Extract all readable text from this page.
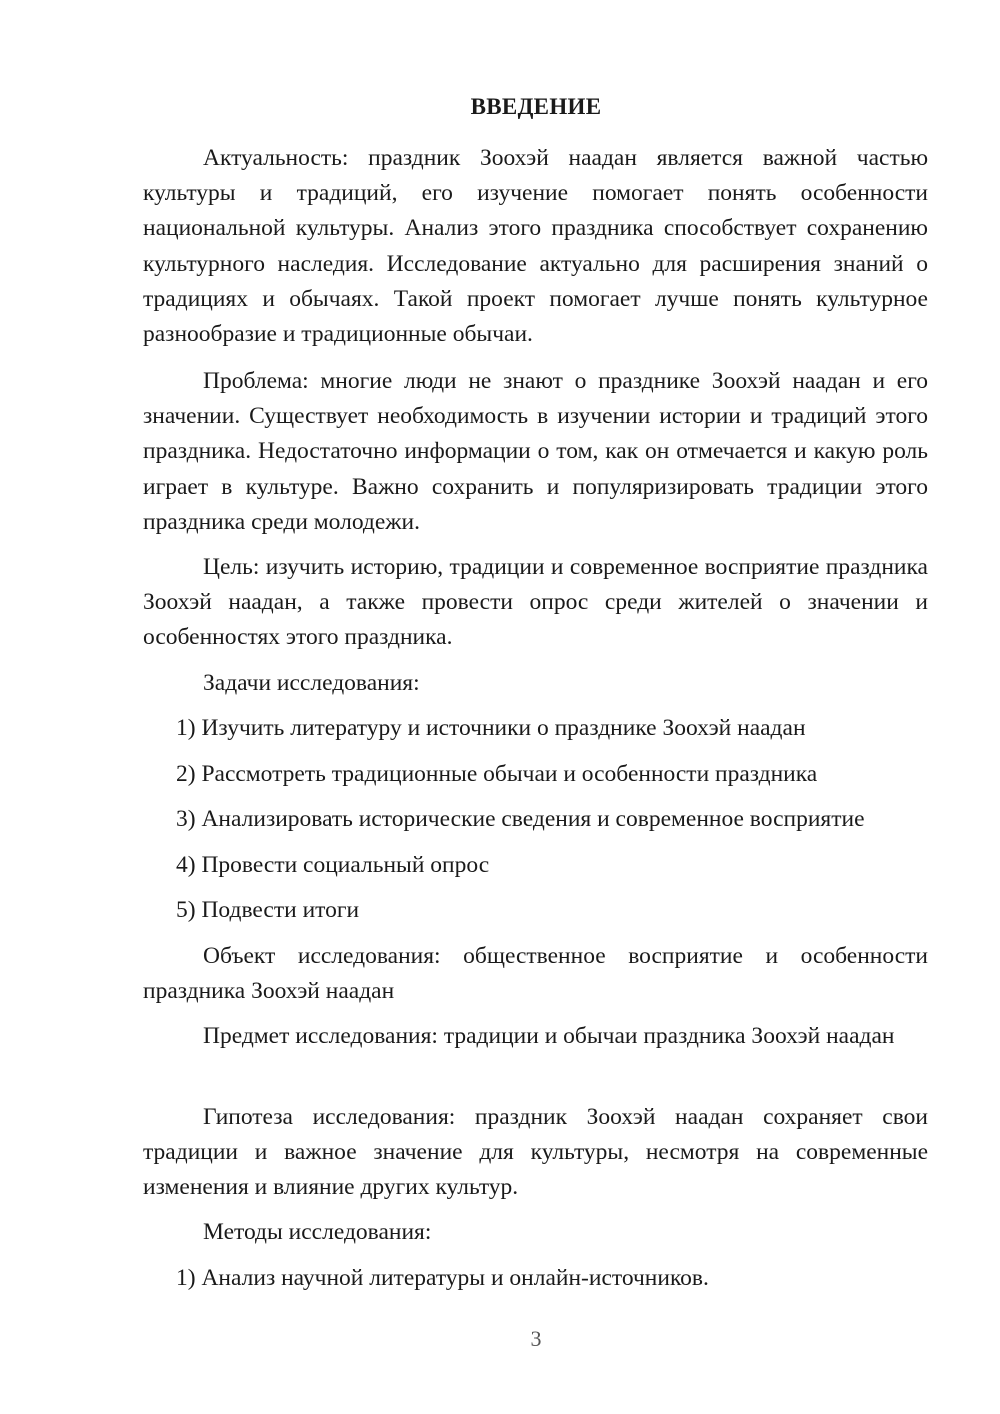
ВВЕДЕНИЕ

Актуальность: праздник Зоохэй наадан является важной частью культуры и традиций, его изучение помогает понять особенности национальной культуры. Анализ этого праздника способствует сохранению культурного наследия. Исследование актуально для расширения знаний о традициях и обычаях. Такой проект помогает лучше понять культурное разнообразие и традиционные обычаи.

Проблема: многие люди не знают о празднике Зоохэй наадан и его значении. Существует необходимость в изучении истории и традиций этого праздника. Недостаточно информации о том, как он отмечается и какую роль играет в культуре. Важно сохранить и популяризировать традиции этого праздника среди молодежи.

Цель: изучить историю, традиции и современное восприятие праздника Зоохэй наадан, а также провести опрос среди жителей о значении и особенностях этого праздника.

Задачи исследования:

1) Изучить литературу и источники о празднике Зоохэй наадан

2) Рассмотреть традиционные обычаи и особенности праздника

3) Анализировать исторические сведения и современное восприятие

4) Провести социальный опрос

5) Подвести итоги

Объект исследования: общественное восприятие и особенности праздника Зоохэй наадан

Предмет исследования: традиции и обычаи праздника Зоохэй наадан

Гипотеза исследования: праздник Зоохэй наадан сохраняет свои традиции и важное значение для культуры, несмотря на современные изменения и влияние других культур.

Методы исследования:

1) Анализ научной литературы и онлайн-источников.

3
